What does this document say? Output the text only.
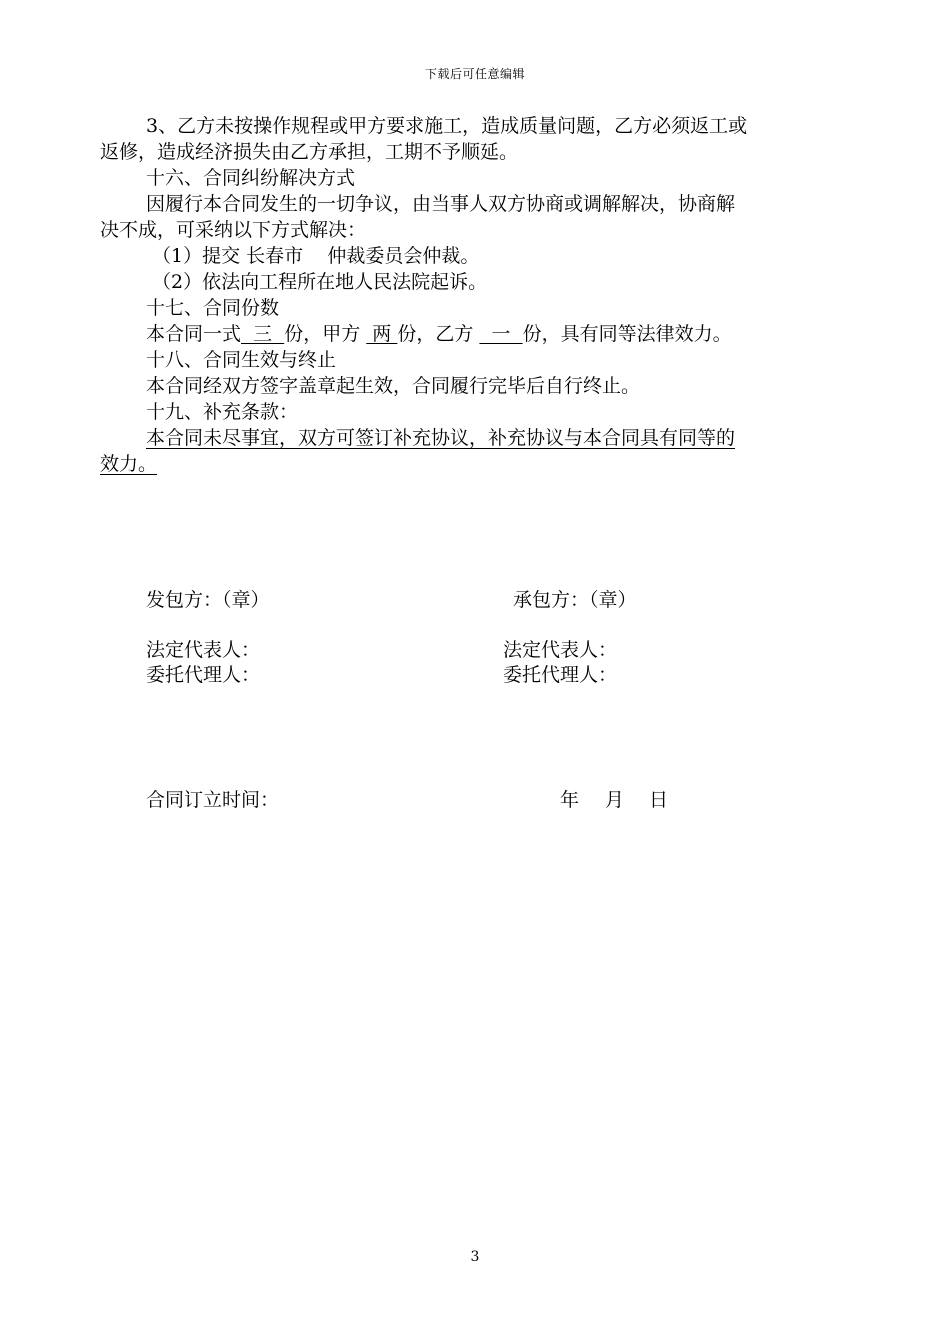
下载后可任意编辑
3、乙方未按操作规程或甲方要求施工，造成质量问题，乙方必须返工或
返修，造成经济损失由乙方承担，工期不予顺延。
十六、合同纠纷解决方式
因履行本合同发生的一切争议，由当事人双方协商或调解解决，协商解
决不成，可采纳以下方式解决：
（1）提交 长春市 仲裁委员会仲裁。
（2）依法向工程所在地人民法院起诉。
十七、合同份数
本合同一式  三  份，甲方  两 份，乙方   一  份，具有同等法律效力。
十八、合同生效与终止
本合同经双方签字盖章起生效，合同履行完毕后自行终止。
十九、补充条款：
本合同未尽事宜，双方可签订补充协议，补充协议与本合同具有同等的
效力。
发包方：（章）	承包方：（章）
法定代表人：
委托代理人：
法定代表人：
委托代理人：
合同订立时间：	年 月 日
3
